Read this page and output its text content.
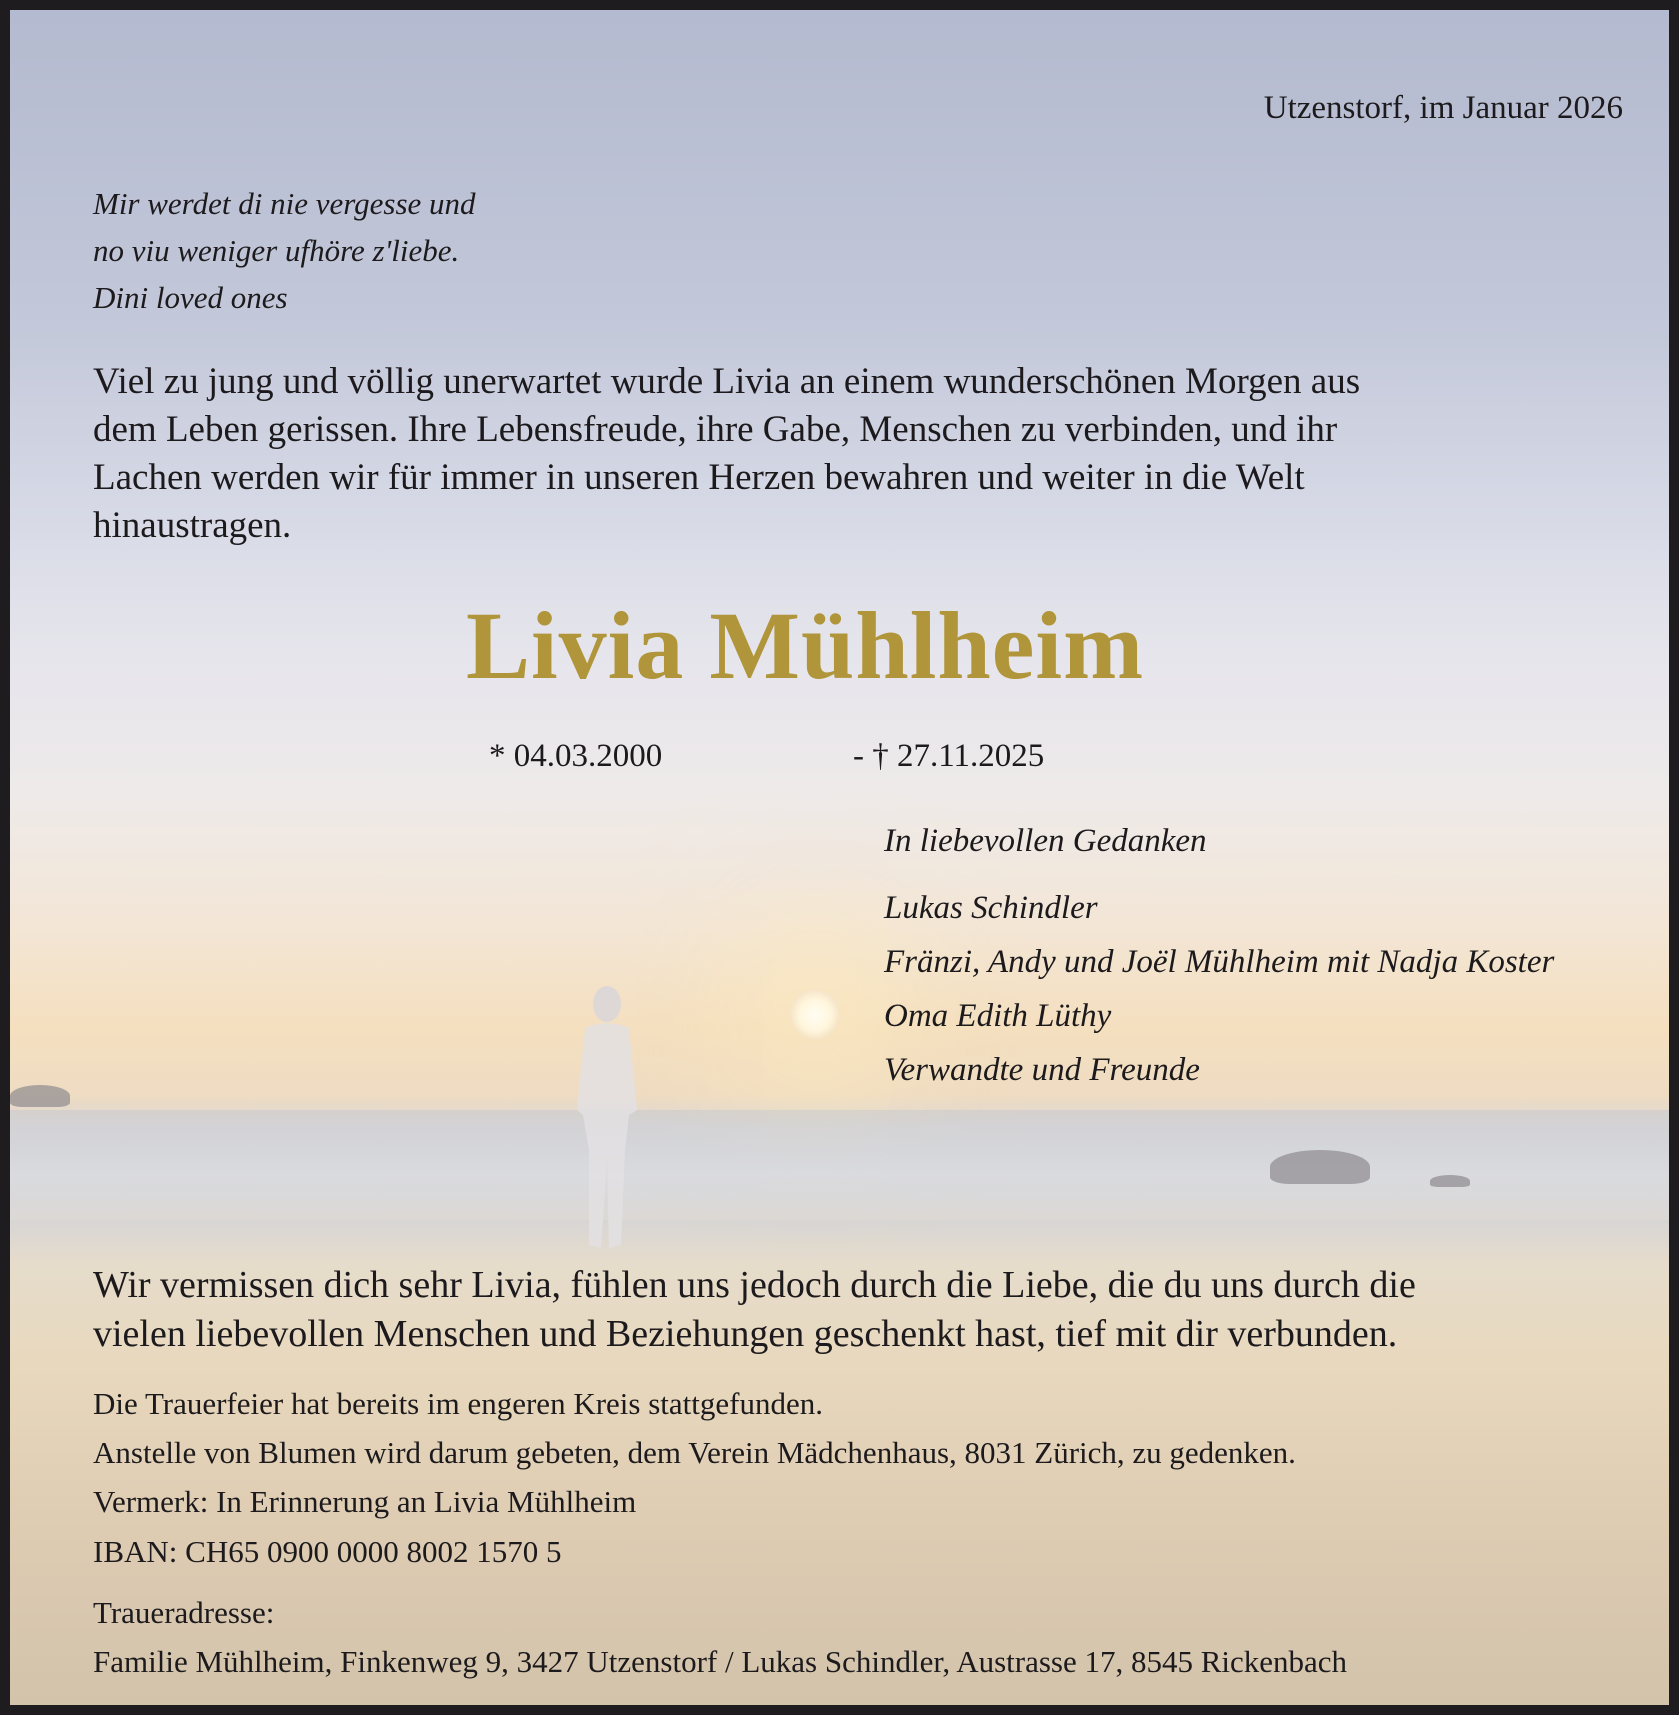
Utzenstorf, im Januar 2026

Mir werdet di nie vergesse und

no viu weniger ufhöre z'liebe.

Dini loved ones

Viel zu jung und völlig unerwartet wurde Livia an einem wunderschönen Morgen aus

dem Leben gerissen. Ihre Lebensfreude, ihre Gabe, Menschen zu verbinden, und ihr

Lachen werden wir für immer in unseren Herzen bewahren und weiter in die Welt

hinaustragen.

Livia Mühlheim

* 04.03.2000	- † 27.11.2025

In liebevollen Gedanken

Lukas Schindler

Fränzi, Andy und Joël Mühlheim mit Nadja Koster

Oma Edith Lüthy

Verwandte und Freunde

Wir vermissen dich sehr Livia, fühlen uns jedoch durch die Liebe, die du uns durch die

vielen liebevollen Menschen und Beziehungen geschenkt hast, tief mit dir verbunden.

Die Trauerfeier hat bereits im engeren Kreis stattgefunden.

Anstelle von Blumen wird darum gebeten, dem Verein Mädchenhaus, 8031 Zürich, zu gedenken.

Vermerk: In Erinnerung an Livia Mühlheim

IBAN: CH65 0900 0000 8002 1570 5

Traueradresse:

Familie Mühlheim, Finkenweg 9, 3427 Utzenstorf / Lukas Schindler, Austrasse 17, 8545 Rickenbach
